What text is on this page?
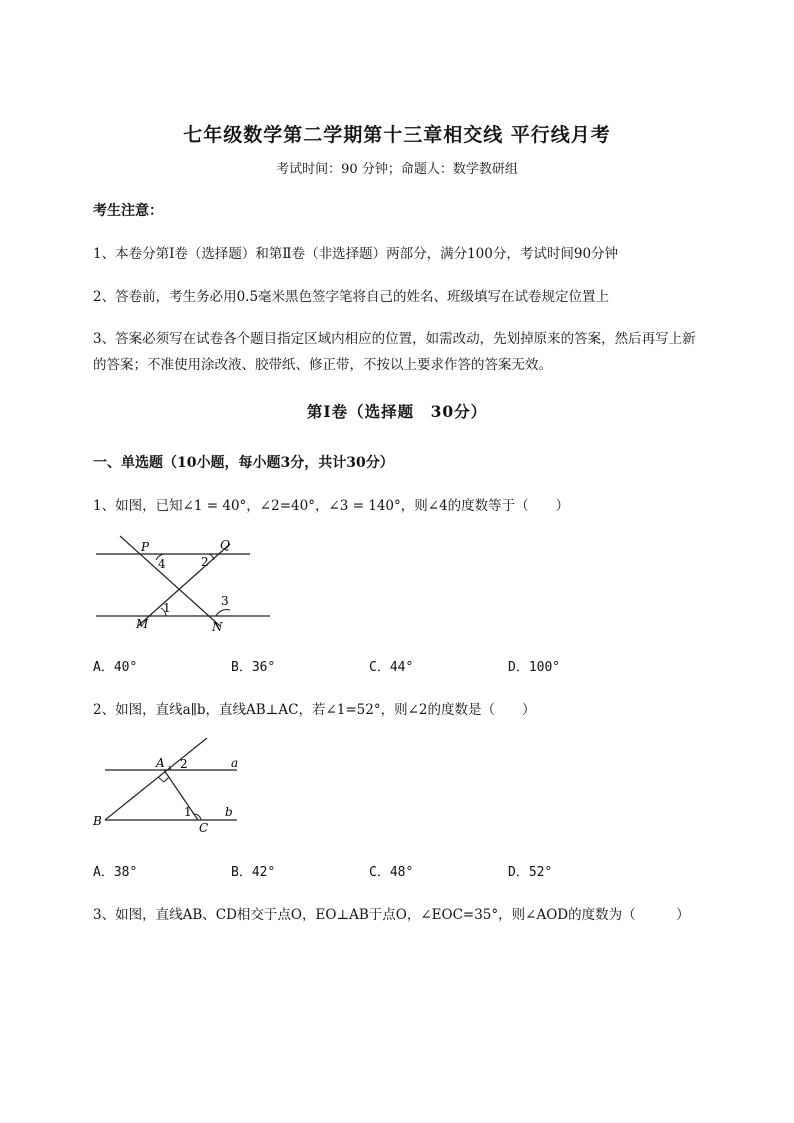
七年级数学第二学期第十三章相交线 平行线月考
考试时间：90 分钟；命题人：数学教研组
考生注意：
1、本卷分第I卷（选择题）和第Ⅱ卷（非选择题）两部分，满分100分，考试时间90分钟
2、答卷前，考生务必用0.5毫米黑色签字笔将自己的姓名、班级填写在试卷规定位置上
3、答案必须写在试卷各个题目指定区域内相应的位置，如需改动，先划掉原来的答案，然后再写上新
的答案；不准使用涂改液、胶带纸、修正带，不按以上要求作答的答案无效。
第I卷（选择题　30分）
一、单选题（10小题，每小题3分，共计30分）
1、如图，已知∠1 = 40°，∠2=40°，∠3 = 140°，则∠4的度数等于（　　）
P	Q
M	N
4	2
1	3
A．40°	B．36°	C．44°	D．100°
2、如图，直线a∥b，直线AB⊥AC，若∠1=52°，则∠2的度数是（　　）
A 2	a
1	b
B	C
A．38°	B．42°	C．48°	D．52°
3、如图，直线AB、CD相交于点O，EO⊥AB于点O，∠EOC=35°，则∠AOD的度数为（　　　）
